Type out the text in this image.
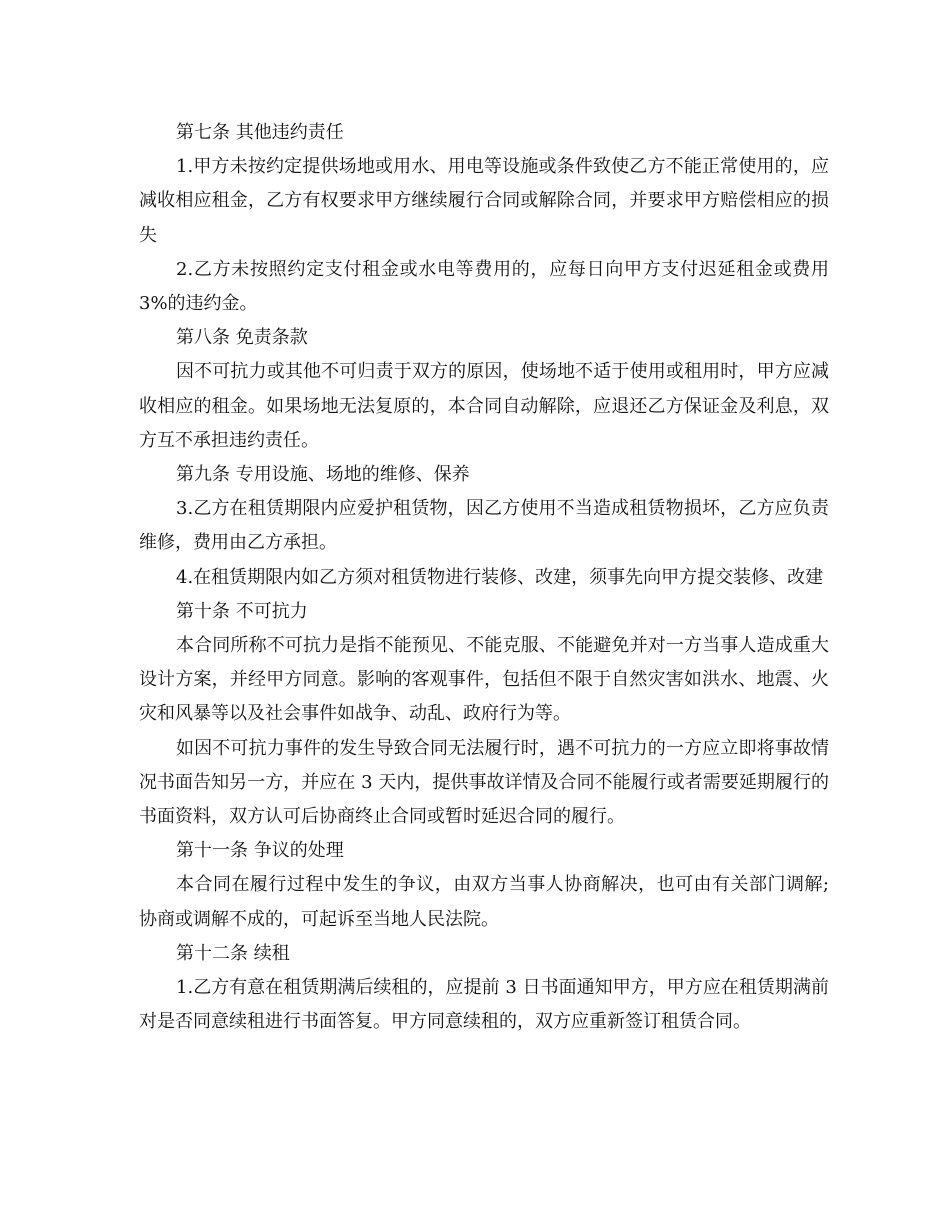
第七条 其他违约责任

1.甲方未按约定提供场地或用水、用电等设施或条件致使乙方不能正常使用的，应减收相应租金，乙方有权要求甲方继续履行合同或解除合同，并要求甲方赔偿相应的损失

2.乙方未按照约定支付租金或水电等费用的，应每日向甲方支付迟延租金或费用 3%的违约金。

第八条 免责条款

因不可抗力或其他不可归责于双方的原因，使场地不适于使用或租用时，甲方应减收相应的租金。如果场地无法复原的，本合同自动解除，应退还乙方保证金及利息，双方互不承担违约责任。

第九条 专用设施、场地的维修、保养

3.乙方在租赁期限内应爱护租赁物，因乙方使用不当造成租赁物损坏，乙方应负责维修，费用由乙方承担。

4.在租赁期限内如乙方须对租赁物进行装修、改建，须事先向甲方提交装修、改建

第十条 不可抗力

本合同所称不可抗力是指不能预见、不能克服、不能避免并对一方当事人造成重大设计方案，并经甲方同意。影响的客观事件，包括但不限于自然灾害如洪水、地震、火灾和风暴等以及社会事件如战争、动乱、政府行为等。

如因不可抗力事件的发生导致合同无法履行时，遇不可抗力的一方应立即将事故情况书面告知另一方，并应在 3 天内，提供事故详情及合同不能履行或者需要延期履行的书面资料，双方认可后协商终止合同或暂时延迟合同的履行。

第十一条 争议的处理

本合同在履行过程中发生的争议，由双方当事人协商解决，也可由有关部门调解;协商或调解不成的，可起诉至当地人民法院。

第十二条 续租

1.乙方有意在租赁期满后续租的，应提前 3 日书面通知甲方，甲方应在租赁期满前对是否同意续租进行书面答复。甲方同意续租的，双方应重新签订租赁合同。
